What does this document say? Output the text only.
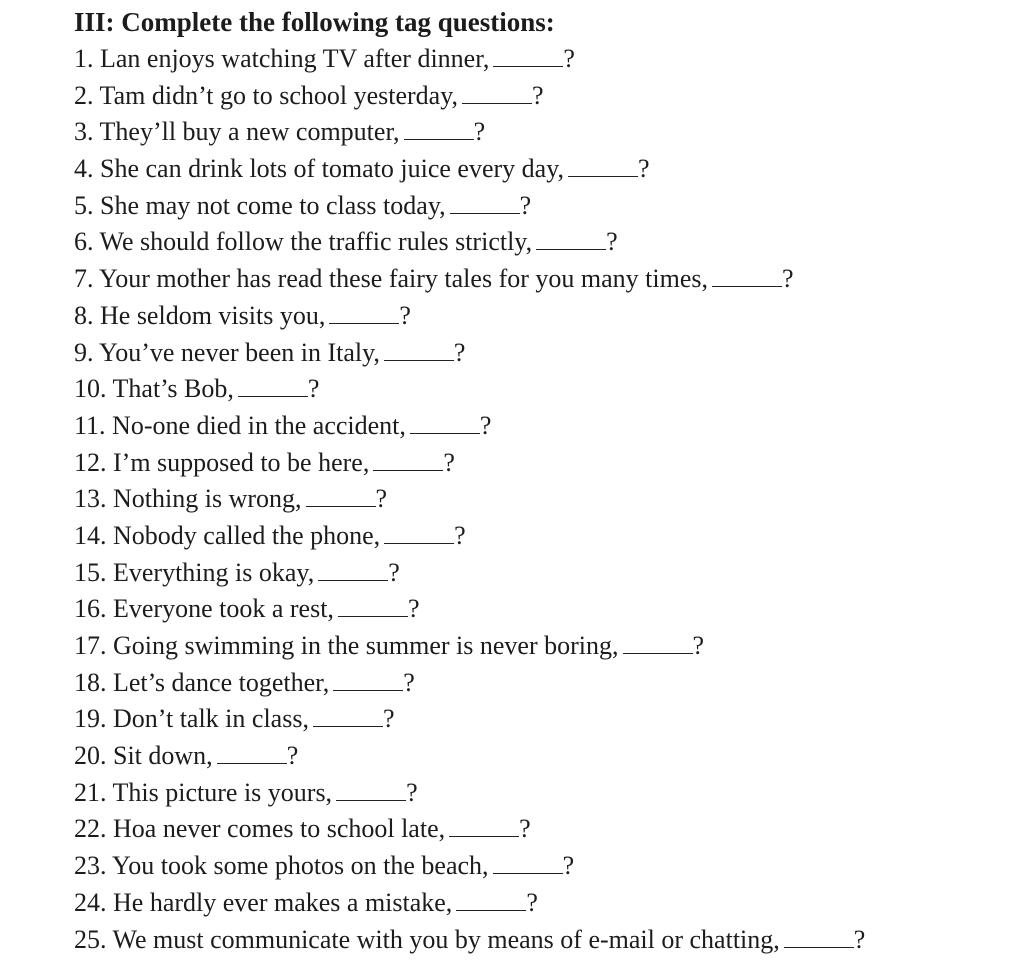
III: Complete the following tag questions:
1. Lan enjoys watching TV after dinner,	?
2. Tam didn’t go to school yesterday,	?
3. They’ll buy a new computer,	?
4. She can drink lots of tomato juice every day,	?
5. She may not come to class today,	?
6. We should follow the traffic rules strictly,	?
7. Your mother has read these fairy tales for you many times,	?
8. He seldom visits you,	?
9. You’ve never been in Italy,	?
10. That’s Bob,	?
11. No-one died in the accident,	?
12. I’m supposed to be here,	?
13. Nothing is wrong,	?
14. Nobody called the phone,	?
15. Everything is okay,	?
16. Everyone took a rest,	?
17. Going swimming in the summer is never boring,	?
18. Let’s dance together,	?
19. Don’t talk in class,	?
20. Sit down,	?
21. This picture is yours,	?
22. Hoa never comes to school late,	?
23. You took some photos on the beach,	?
24. He hardly ever makes a mistake,	?
25. We must communicate with you by means of e-mail or chatting,	?
